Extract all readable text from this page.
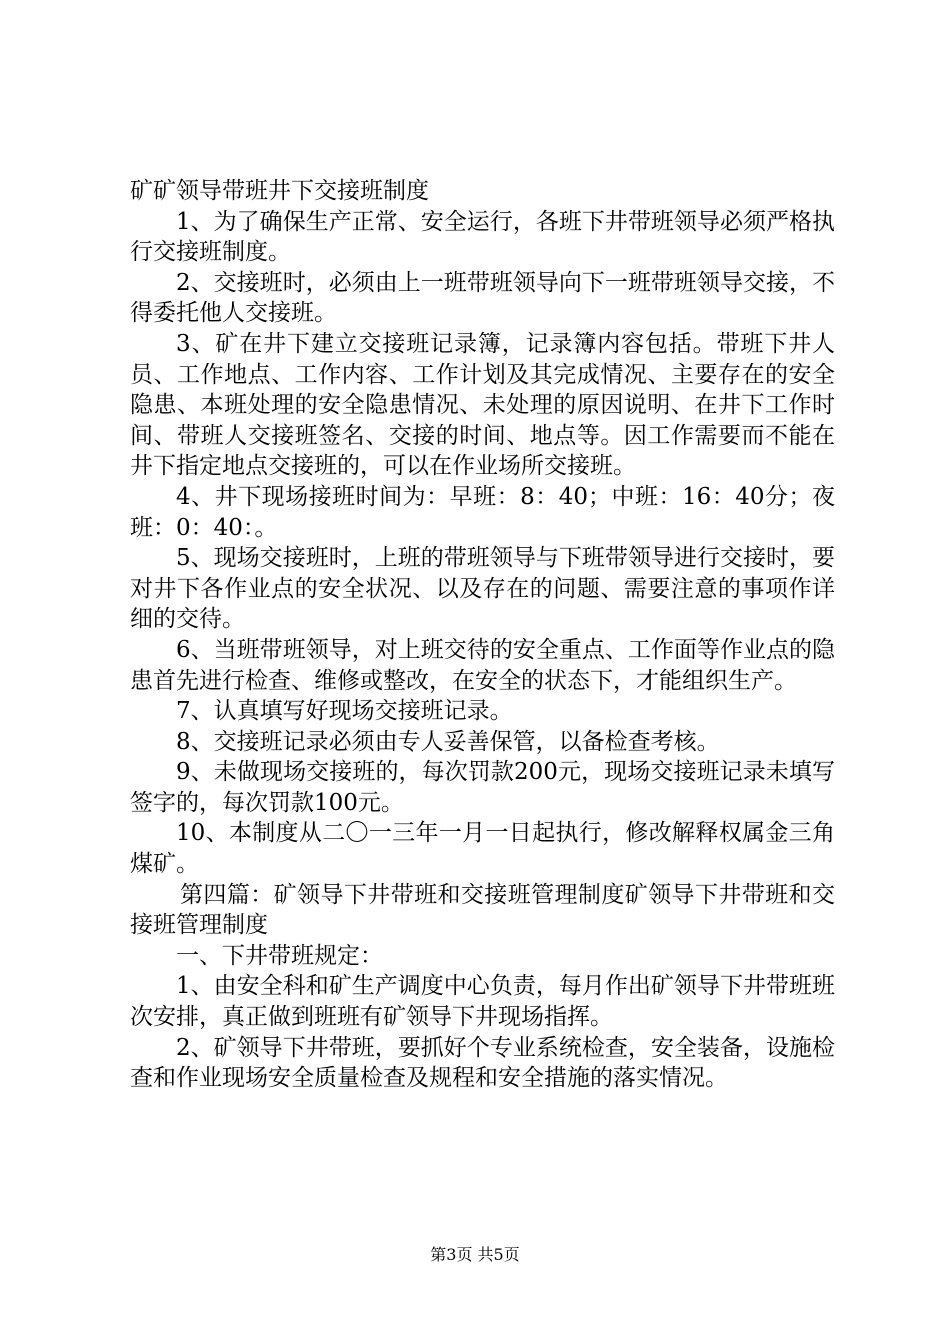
矿矿领导带班井下交接班制度

1、为了确保生产正常、安全运行，各班下井带班领导必须严格执行交接班制度。

2、交接班时，必须由上一班带班领导向下一班带班领导交接，不得委托他人交接班。

3、矿在井下建立交接班记录簿，记录簿内容包括。带班下井人员、工作地点、工作内容、工作计划及其完成情况、主要存在的安全隐患、本班处理的安全隐患情况、未处理的原因说明、在井下工作时间、带班人交接班签名、交接的时间、地点等。因工作需要而不能在井下指定地点交接班的，可以在作业场所交接班。

4、井下现场接班时间为：早班：8：40；中班：16：40分；夜班：0：40：。

5、现场交接班时，上班的带班领导与下班带领导进行交接时，要对井下各作业点的安全状况、以及存在的问题、需要注意的事项作详细的交待。

6、当班带班领导，对上班交待的安全重点、工作面等作业点的隐患首先进行检查、维修或整改，在安全的状态下，才能组织生产。

7、认真填写好现场交接班记录。

8、交接班记录必须由专人妥善保管，以备检查考核。

9、未做现场交接班的，每次罚款200元，现场交接班记录未填写签字的，每次罚款100元。

10、本制度从二〇一三年一月一日起执行，修改解释权属金三角煤矿。

第四篇：矿领导下井带班和交接班管理制度矿领导下井带班和交接班管理制度

一、下井带班规定：

1、由安全科和矿生产调度中心负责，每月作出矿领导下井带班班次安排，真正做到班班有矿领导下井现场指挥。

2、矿领导下井带班，要抓好个专业系统检查，安全装备，设施检查和作业现场安全质量检查及规程和安全措施的落实情况。

第3页 共5页
